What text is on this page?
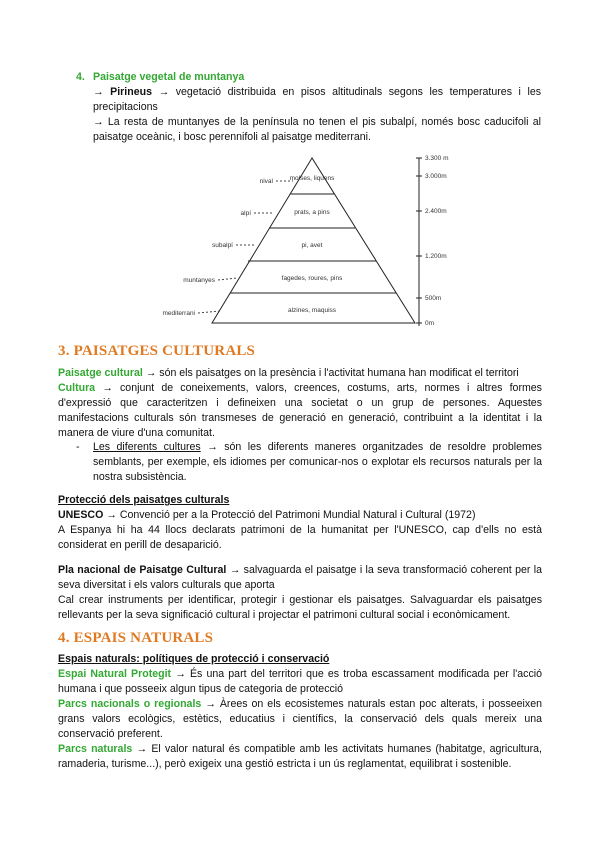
4. Paisatge vegetal de muntanya
→ Pirineus → vegetació distribuida en pisos altitudinals segons les temperatures i les precipitacions
→ La resta de muntanyes de la península no tenen el pis subalpí, només bosc caducifoli al paisatge oceànic, i bosc perennifoli al paisatge mediterrani.
molses, liquens
prats, a pins
pi, avet
fagedes, roures, pins
alzines, maquiss
nival
alpí
subalpí
muntanyes
mediterrani
3.300 m
3.000m
2.400m
1.200m
500m
0m
3. PAISATGES CULTURALS
Paisatge cultural → són els paisatges on la presència i l'activitat humana han modificat el territori
Cultura → conjunt de coneixements, valors, creences, costums, arts, normes i altres formes d'expressió que caracteritzen i defineixen una societat o un grup de persones. Aquestes manifestacions culturals són transmeses de generació en generació, contribuint a la identitat i la manera de viure d'una comunitat.
- Les diferents cultures → són les diferents maneres organitzades de resoldre problemes semblants, per exemple, els idiomes per comunicar-nos o explotar els recursos naturals per la nostra subsistència.
Protecció dels paisatges culturals
UNESCO → Convenció per a la Protecció del Patrimoni Mundial Natural i Cultural (1972)
A Espanya hi ha 44 llocs declarats patrimoni de la humanitat per l'UNESCO, cap d'ells no està considerat en perill de desaparició.
Pla nacional de Paisatge Cultural → salvaguarda el paisatge i la seva transformació coherent per la seva diversitat i els valors culturals que aporta
Cal crear instruments per identificar, protegir i gestionar els paisatges. Salvaguardar els paisatges rellevants per la seva significació cultural i projectar el patrimoni cultural social i econòmicament.
4. ESPAIS NATURALS
Espais naturals: polítiques de protecció i conservació
Espai Natural Protegit → És una part del territori que es troba escassament modificada per l'acció humana i que posseeix algun tipus de categoria de protecció
Parcs nacionals o regionals → Àrees on els ecosistemes naturals estan poc alterats, i posseeixen grans valors ecològics, estètics, educatius i científics, la conservació dels quals mereix una conservació preferent.
Parcs naturals → El valor natural és compatible amb les activitats humanes (habitatge, agricultura, ramaderia, turisme...), però exigeix una gestió estricta i un ús reglamentat, equilibrat i sostenible.
